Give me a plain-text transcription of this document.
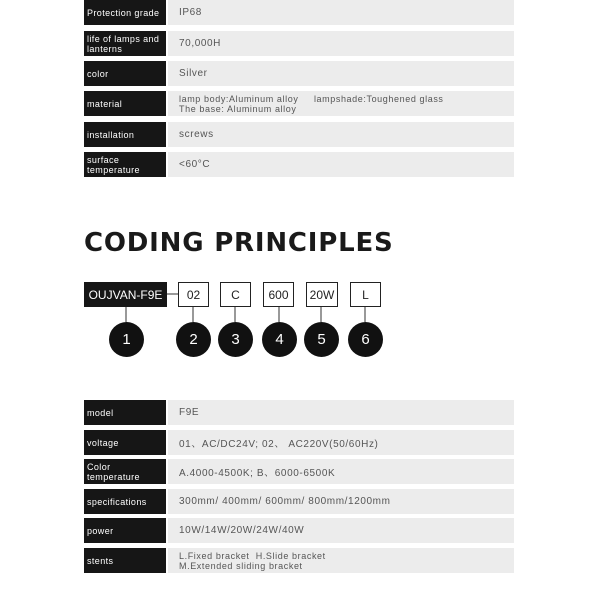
Protection grade	IP68
life of lamps and lanterns	70,000H
color	Silver
material	lamp body:Aluminum alloy     lampshade:Toughened glass
The base: Aluminum alloy
installation	screws
surface temperature	<60°C
CODING PRINCIPLES
OUJVAN-F9E	02	C	600	20W	L
1	2	3	4	5	6
model	F9E
voltage	01、AC/DC24V; 02、 AC220V(50/60Hz)
Color temperature	A.4000-4500K; B、6000-6500K
specifications	300mm/ 400mm/ 600mm/ 800mm/1200mm
power	10W/14W/20W/24W/40W
stents	L.Fixed bracket  H.Slide bracket
M.Extended sliding bracket
